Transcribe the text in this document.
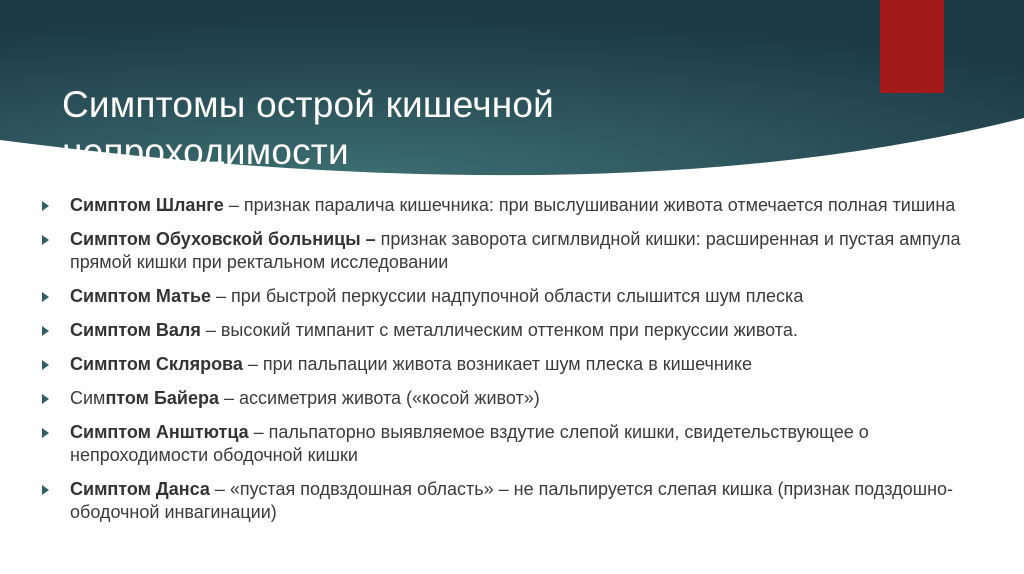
Симптомы острой кишечной
непроходимости
Симптом Шланге – признак паралича кишечника: при выслушивании живота отмечается полная тишина
Симптом Обуховской больницы – признак заворота сигмлвидной кишки: расширенная и пустая ампула прямой кишки при ректальном исследовании
Симптом Матье – при быстрой перкуссии надпупочной области слышится шум плеска
Симптом Валя – высокий тимпанит с металлическим оттенком при перкуссии живота.
Симптом Склярова – при пальпации живота возникает шум плеска в кишечнике
Симптом Байера – ассиметрия живота («косой живот»)
Симптом Анштютца – пальпаторно выявляемое вздутие слепой кишки, свидетельствующее о непроходимости ободочной кишки
Симптом Данса – «пустая подвздошная область» – не пальпируется слепая кишка (признак подздошно-ободочной инвагинации)
